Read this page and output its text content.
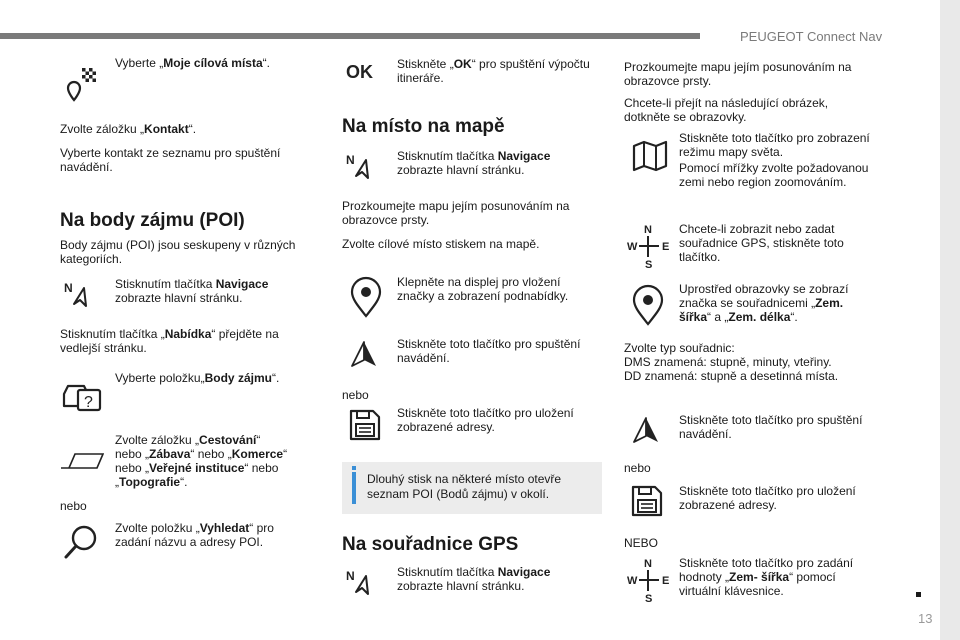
PEUGEOT Connect Nav
13
Vyberte „Moje cílová místa“.
Zvolte záložku „Kontakt“.
Vyberte kontakt ze seznamu pro spuštění
navádění.
Na body zájmu (POI)
Body zájmu (POI) jsou seskupeny v různých
kategoriích.
N	Stisknutím tlačítka Navigace
zobrazte hlavní stránku.
Stisknutím tlačítka „Nabídka“ přejděte na
vedlejší stránku.
?
Vyberte položku„Body zájmu“.
Zvolte záložku „Cestování“
nebo „Zábava“ nebo „Komerce“
nebo „Veřejné instituce“ nebo
„Topografie“.
nebo
Zvolte položku „Vyhledat“ pro
zadání názvu a adresy POI.
OK Stiskněte „OK“ pro spuštění výpočtu
itineráře.
Na místo na mapě
N	Stisknutím tlačítka Navigace
zobrazte hlavní stránku.
Prozkoumejte mapu jejím posunováním na
obrazovce prsty.
Zvolte cílové místo stiskem na mapě.
Klepněte na displej pro vložení
značky a zobrazení podnabídky.
Stiskněte toto tlačítko pro spuštění
navádění.
nebo
Stiskněte toto tlačítko pro uložení
zobrazené adresy.
Dlouhý stisk na některé místo otevře
seznam POI (Bodů zájmu) v okolí.
Na souřadnice GPS
N	Stisknutím tlačítka Navigace
zobrazte hlavní stránku.
Prozkoumejte mapu jejím posunováním na
obrazovce prsty.
Chcete-li přejít na následující obrázek,
dotkněte se obrazovky.
Stiskněte toto tlačítko pro zobrazení
režimu mapy světa.
Pomocí mřížky zvolte požadovanou
zemi nebo region zoomováním.
N
W E
S
Chcete-li zobrazit nebo zadat
souřadnice GPS, stiskněte toto
tlačítko.
Uprostřed obrazovky se zobrazí
značka se souřadnicemi „Zem.
šířka“ a „Zem. délka“.
Zvolte typ souřadnic:
DMS znamená: stupně, minuty, vteřiny.
DD znamená: stupně a desetinná místa.
Stiskněte toto tlačítko pro spuštění
navádění.
nebo
Stiskněte toto tlačítko pro uložení
zobrazené adresy.
NEBO
N
W E
S
Stiskněte toto tlačítko pro zadání
hodnoty „Zem- šířka“ pomocí
virtuální klávesnice.
